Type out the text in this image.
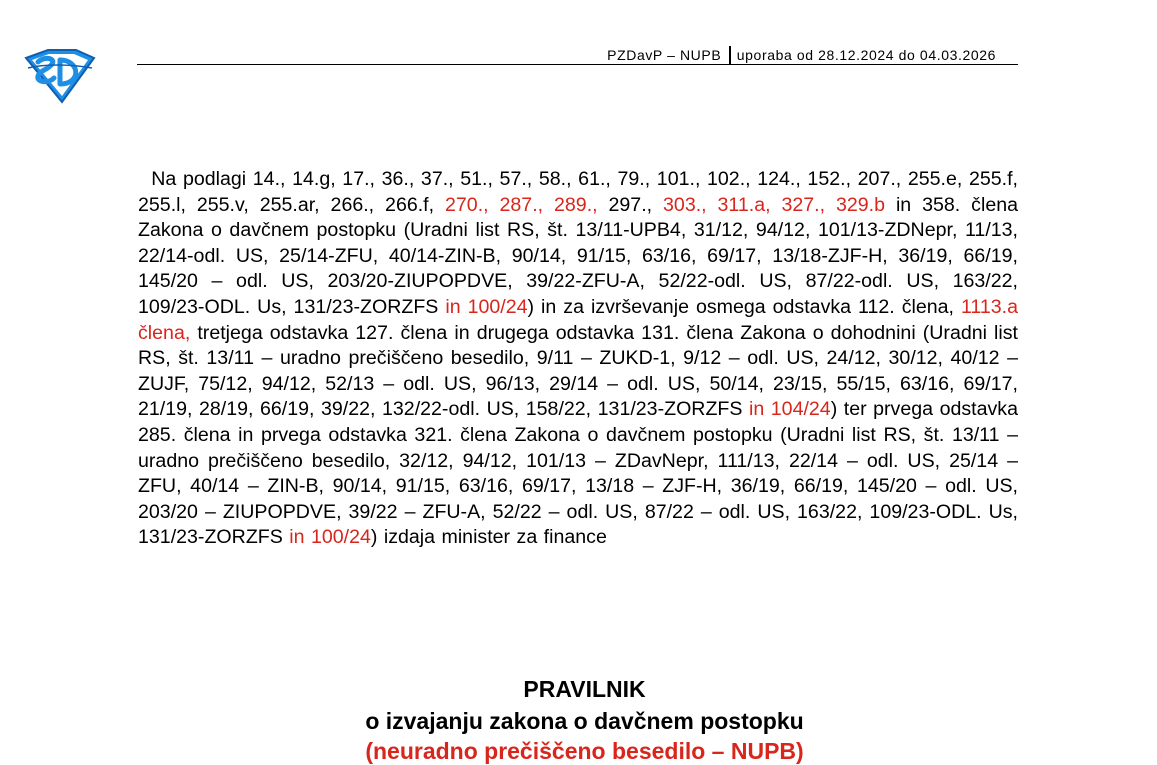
PZDavP – NUPB uporaba od 28.12.2024 do 04.03.2026
Na podlagi 14., 14.g, 17., 36., 37., 51., 57., 58., 61., 79., 101., 102., 124., 152., 207., 255.e, 255.f, 255.l, 255.v, 255.ar, 266., 266.f, 270., 287., 289., 297., 303., 311.a, 327., 329.b in 358. člena Zakona o davčnem postopku (Uradni list RS, št. 13/11-UPB4, 31/12, 94/12, 101/13-ZDNepr, 11/13, 22/14-odl. US, 25/14-ZFU, 40/14-ZIN-B, 90/14, 91/15, 63/16, 69/17, 13/18-ZJF-H, 36/19, 66/19, 145/20 – odl. US, 203/20-ZIUPOPDVE, 39/22-ZFU-A, 52/22-odl. US, 87/22-odl. US, 163/22, 109/23-ODL. Us, 131/23-ZORZFS in 100/24) in za izvrševanje osmega odstavka 112. člena, 1113.a člena, tretjega odstavka 127. člena in drugega odstavka 131. člena Zakona o dohodnini (Uradni list RS, št. 13/11 – uradno prečiščeno besedilo, 9/11 – ZUKD-1, 9/12 – odl. US, 24/12, 30/12, 40/12 – ZUJF, 75/12, 94/12, 52/13 – odl. US, 96/13, 29/14 – odl. US, 50/14, 23/15, 55/15, 63/16, 69/17, 21/19, 28/19, 66/19, 39/22, 132/22-odl. US, 158/22, 131/23-ZORZFS in 104/24) ter prvega odstavka 285. člena in prvega odstavka 321. člena Zakona o davčnem postopku (Uradni list RS, št. 13/11 – uradno prečiščeno besedilo, 32/12, 94/12, 101/13 – ZDavNepr, 111/13, 22/14 – odl. US, 25/14 – ZFU, 40/14 – ZIN-B, 90/14, 91/15, 63/16, 69/17, 13/18 – ZJF-H, 36/19, 66/19, 145/20 – odl. US, 203/20 – ZIUPOPDVE, 39/22 – ZFU-A, 52/22 – odl. US, 87/22 – odl. US, 163/22, 109/23-ODL. Us, 131/23-ZORZFS in 100/24) izdaja minister za finance
PRAVILNIK
o izvajanju zakona o davčnem postopku
(neuradno prečiščeno besedilo – NUPB)
